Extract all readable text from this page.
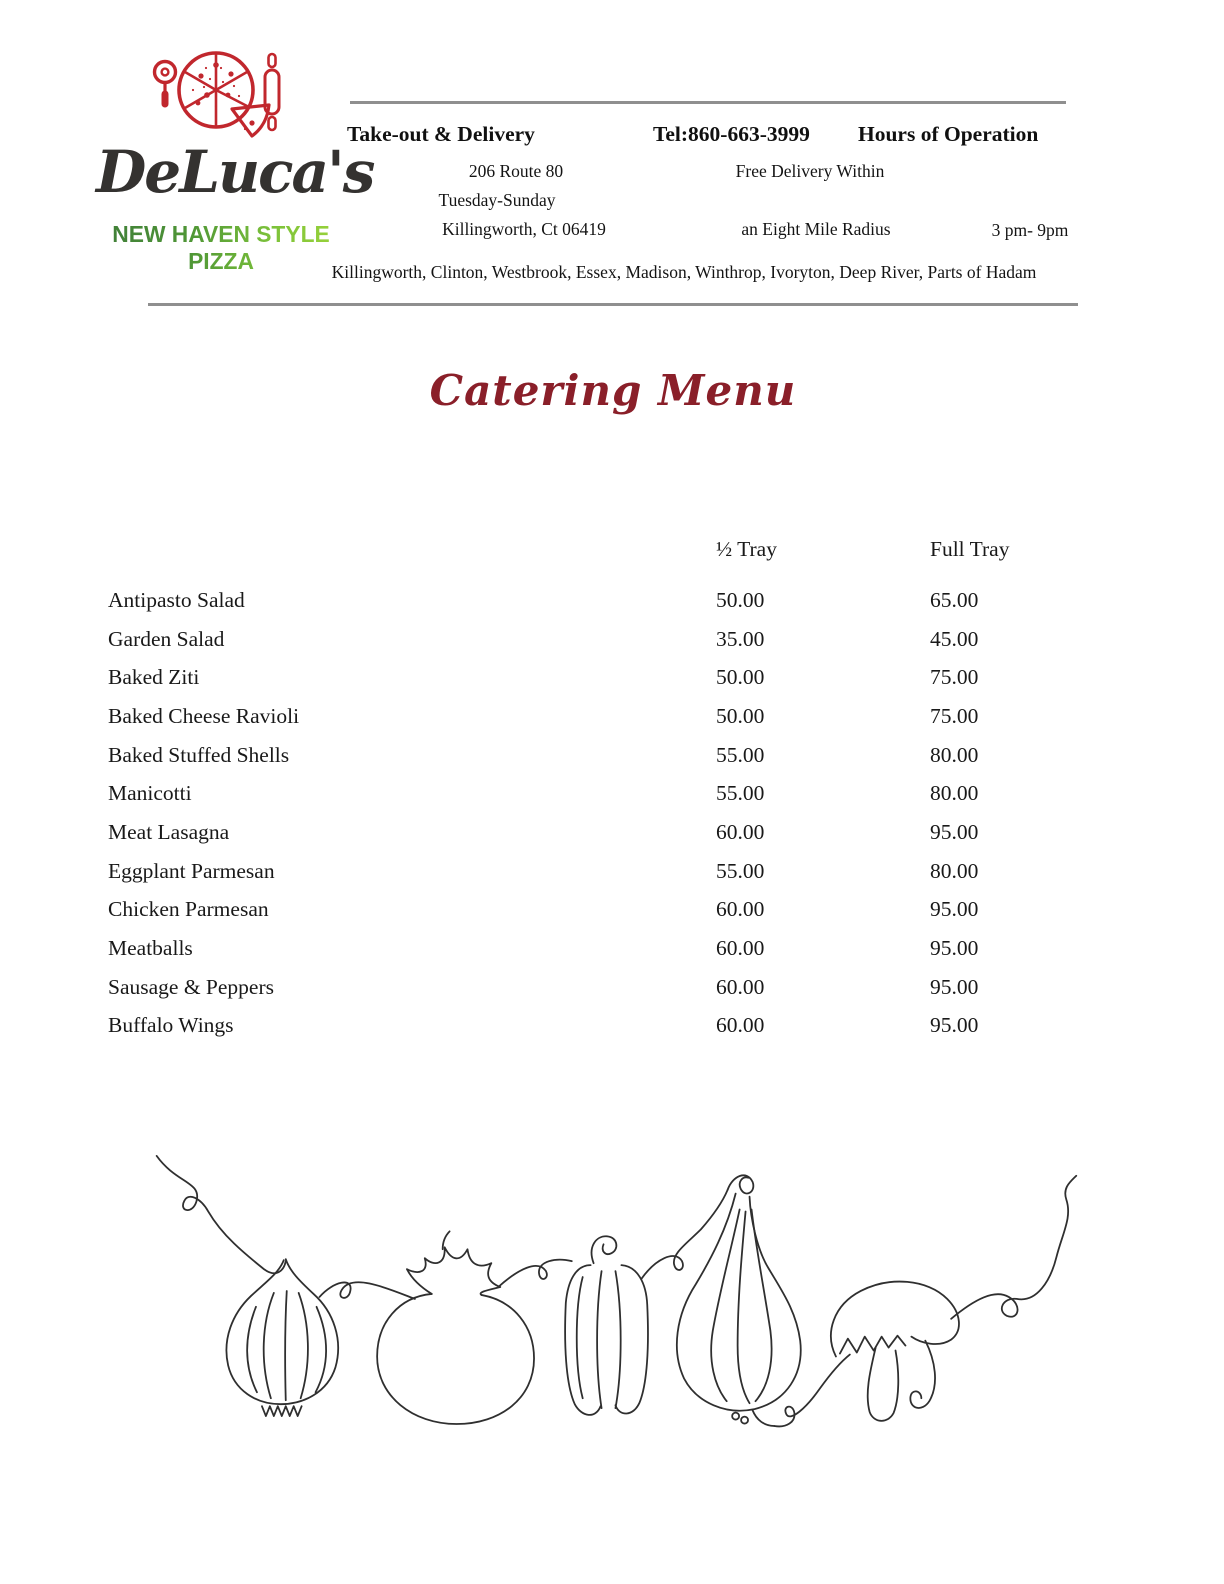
DeLuca's
NEW HAVEN STYLE PIZZA
Take-out & Delivery	Tel:860-663-3999 Hours of Operation
206 Route 80	Free Delivery Within
Tuesday-Sunday
Killingworth, Ct 06419	an Eight Mile Radius	3 pm- 9pm
Killingworth, Clinton, Westbrook, Essex, Madison, Winthrop, Ivoryton, Deep River, Parts of Hadam
Catering Menu
½ Tray	Full Tray
Antipasto Salad	50.00	65.00
Garden Salad	35.00	45.00
Baked Ziti	50.00	75.00
Baked Cheese Ravioli	50.00	75.00
Baked Stuffed Shells	55.00	80.00
Manicotti	55.00	80.00
Meat Lasagna	60.00	95.00
Eggplant Parmesan	55.00	80.00
Chicken Parmesan	60.00	95.00
Meatballs	60.00	95.00
Sausage & Peppers	60.00	95.00
Buffalo Wings	60.00	95.00
